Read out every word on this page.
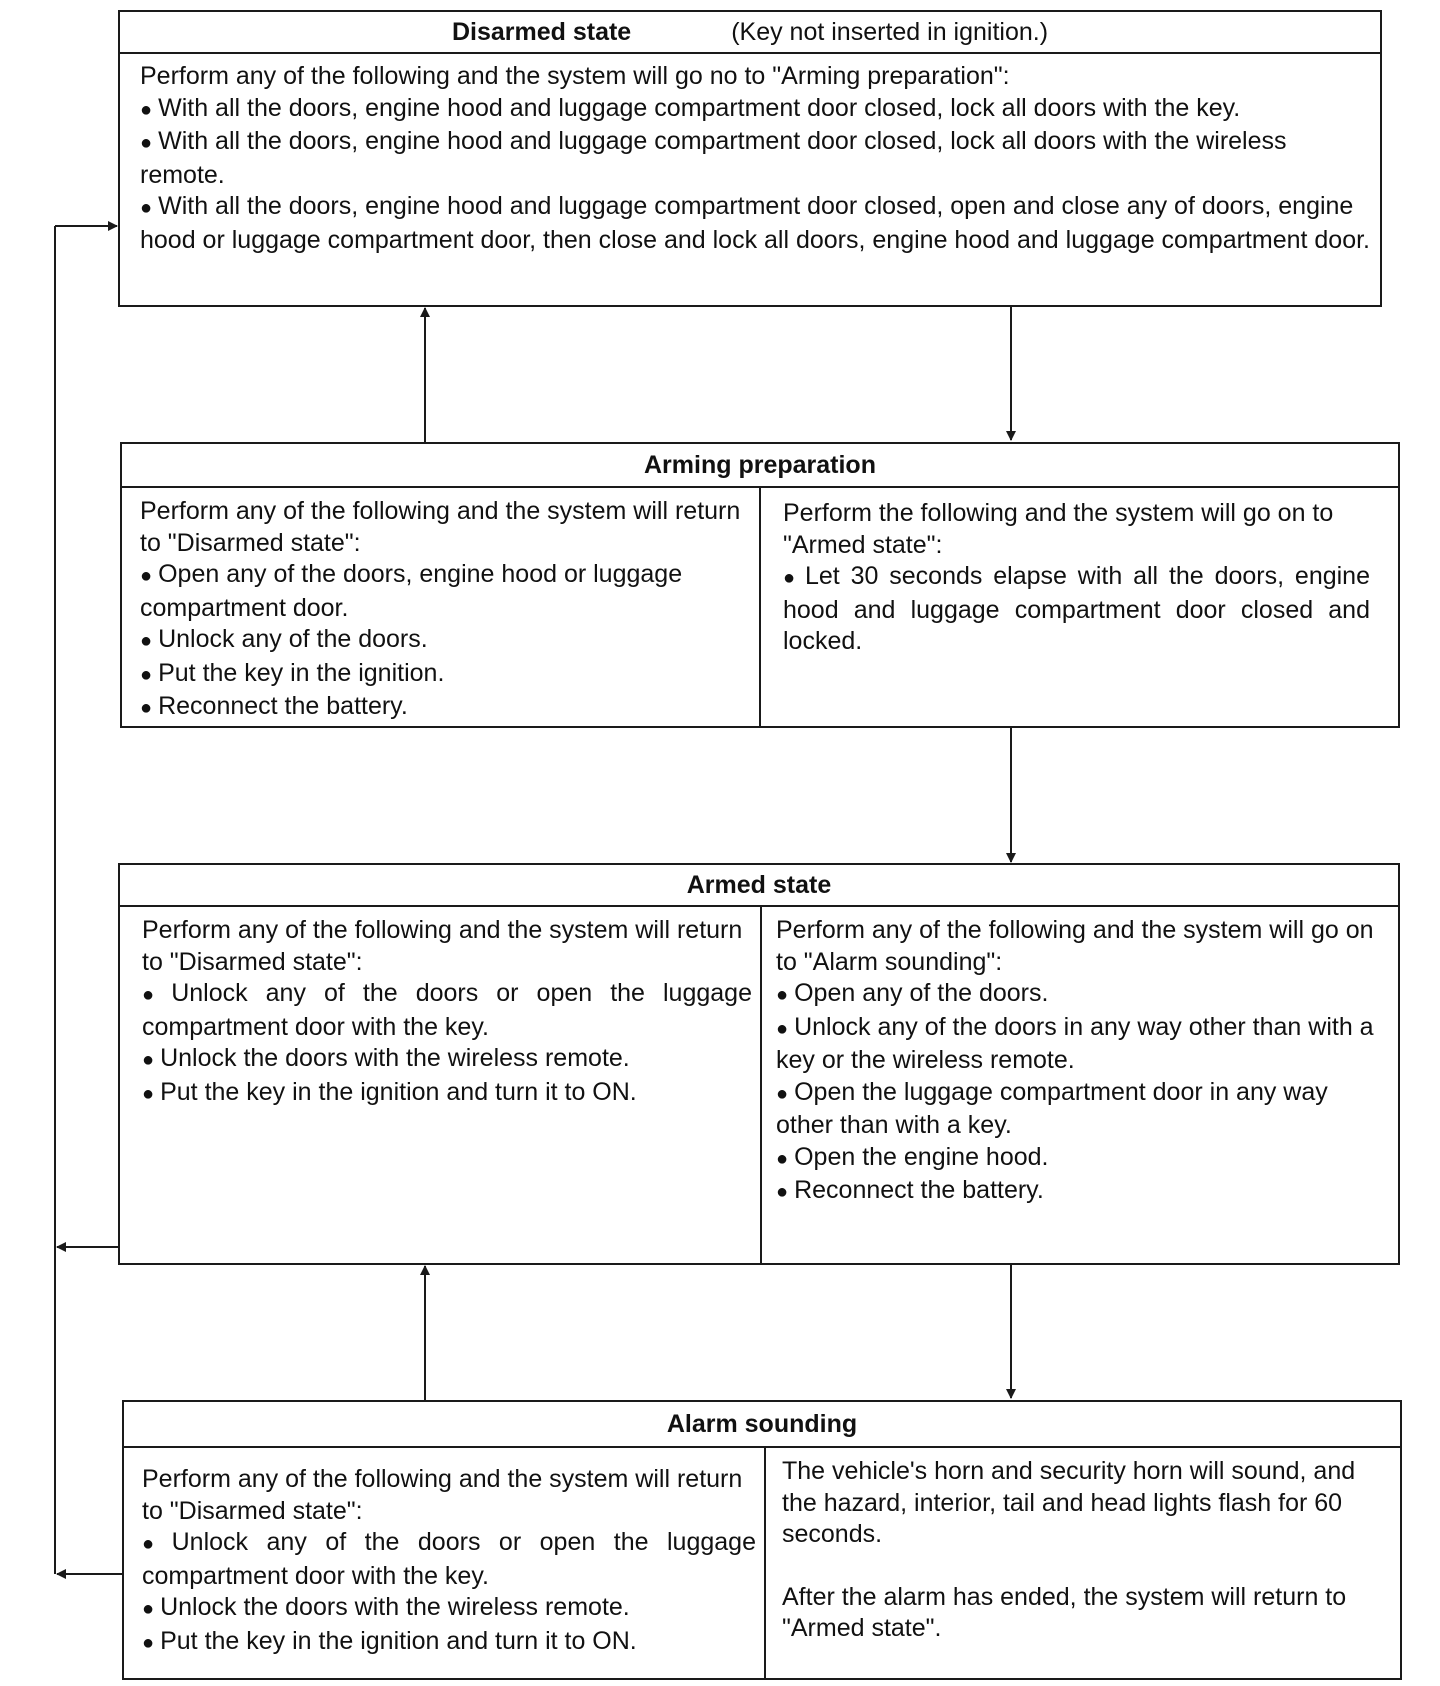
Disarmed state	(Key not inserted in ignition.)

Perform any of the following and the system will go no to "Arming preparation":

● With all the doors, engine hood and luggage compartment door closed, lock all doors with the key.

● With all the doors, engine hood and luggage compartment door closed, lock all doors with the wireless remote.

● With all the doors, engine hood and luggage compartment door closed, open and close any of doors, engine hood or luggage compartment door, then close and lock all doors, engine hood and luggage compartment door.

Arming preparation

Perform any of the following and the system will return to "Disarmed state":

● Open any of the doors, engine hood or luggage compartment door.

● Unlock any of the doors.

● Put the key in the ignition.

● Reconnect the battery.

Perform the following and the system will go on to "Armed state":

● Let 30 seconds elapse with all the doors, engine hood and luggage compartment door closed and locked.

Armed state

Perform any of the following and the system will return to "Disarmed state":

● Unlock any of the doors or open the luggage compartment door with the key.

● Unlock the doors with the wireless remote.

● Put the key in the ignition and turn it to ON.

Perform any of the following and the system will go on to "Alarm sounding":

● Open any of the doors.

● Unlock any of the doors in any way other than with a key or the wireless remote.

● Open the luggage compartment door in any way other than with a key.

● Open the engine hood.

● Reconnect the battery.

Alarm sounding

Perform any of the following and the system will return to "Disarmed state":

● Unlock any of the doors or open the luggage compartment door with the key.

● Unlock the doors with the wireless remote.

● Put the key in the ignition and turn it to ON.

The vehicle's horn and security horn will sound, and the hazard, interior, tail and head lights flash for 60 seconds.

After the alarm has ended, the system will return to "Armed state".
